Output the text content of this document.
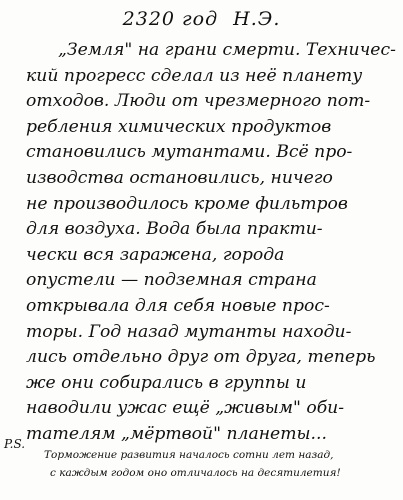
2320 год Н.Э.
„Земля" на грани смерти. Техничес-
кий прогресс сделал из неё планету
отходов. Люди от чрезмерного пот-
ребления химических продуктов
становились мутантами. Всё про-
изводства остановились, ничего
не производилось кроме фильтров
для воздуха. Вода была практи-
чески вся заражена, города
опустели — подземная страна
открывала для себя новые прос-
торы. Год назад мутанты находи-
лись отдельно друг от друга, теперь
же они собирались в группы и
наводили ужас ещё „живым" оби-
тателям „мёртвой" планеты...
P.S.
Торможение развития началось сотни лет назад,
с каждым годом оно отличалось на десятилетия!
